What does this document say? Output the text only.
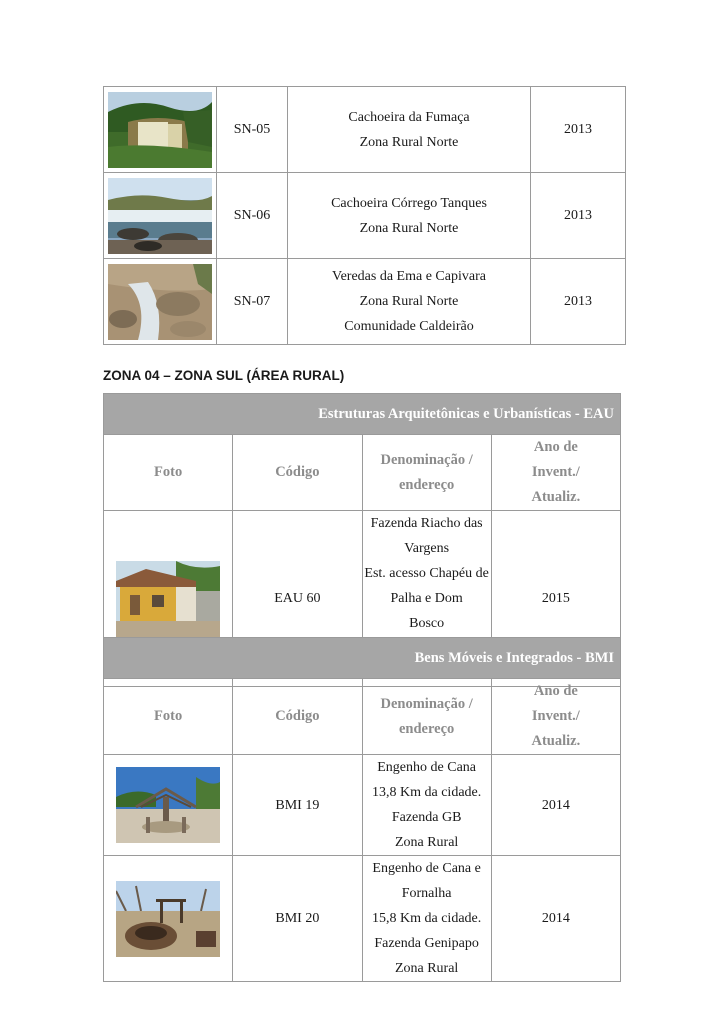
	SN-05	Cachoeira da Fumaça
Zona Rural Norte	2013

	SN-06	Cachoeira Córrego Tanques
Zona Rural Norte	2013

	SN-07	Veredas da Ema e Capivara
Zona Rural Norte
Comunidade Caldeirão	2013
ZONA 04 – ZONA SUL (ÁREA RURAL)
Estruturas Arquitetônicas e Urbanísticas - EAU			
Foto	Código	Denominação / endereço	Ano de
Invent./
Atualiz.

	EAU 60	Fazenda Riacho das Vargens
Est. acesso Chapéu de Palha e Dom
Bosco	2015
Bens Móveis e Integrados - BMI			
Foto	Código	Denominação / endereço	Ano de
Invent./
Atualiz.

	BMI 19	Engenho de Cana
13,8 Km da cidade. Fazenda GB
Zona Rural	2014

	BMI 20	Engenho de Cana e Fornalha
15,8 Km da cidade. Fazenda Genipapo
Zona Rural	2014
